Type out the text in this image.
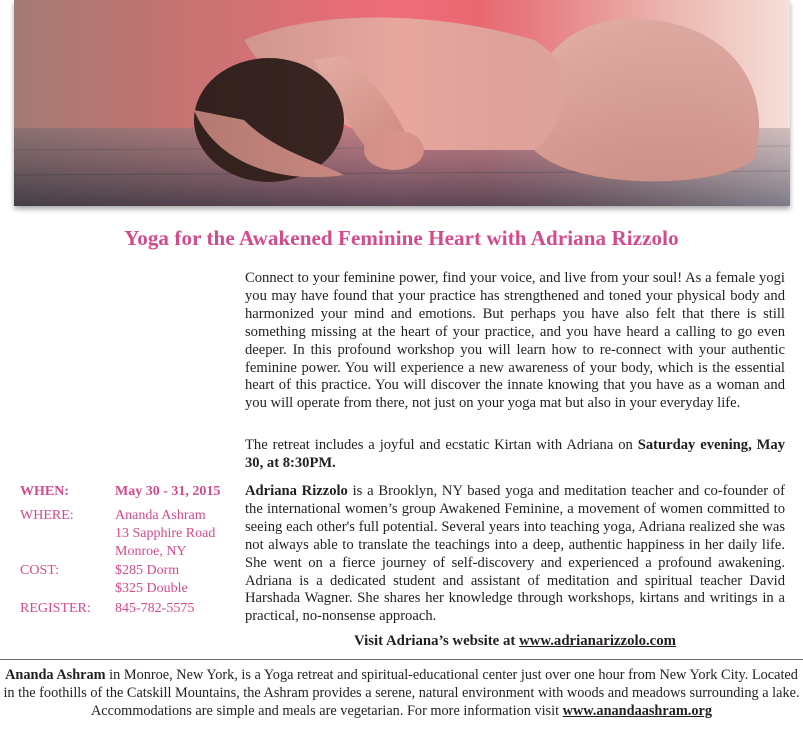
Yoga for the Awakened Feminine Heart with Adriana Rizzolo

Connect to your feminine power, find your voice, and live from your soul! As a female yogi you may have found that your practice has strengthened and toned your physical body and harmonized your mind and emotions. But perhaps you have also felt that there is still something missing at the heart of your practice, and you have heard a calling to go even deeper. In this profound workshop you will learn how to re-connect with your authentic feminine power. You will experience a new awareness of your body, which is the essential heart of this practice. You will discover the innate knowing that you have as a woman and you will operate from there, not just on your yoga mat but also in your everyday life.

The retreat includes a joyful and ecstatic Kirtan with Adriana on Saturday evening, May 30, at 8:30PM.

Adriana Rizzolo is a Brooklyn, NY based yoga and meditation teacher and co-founder of the international women’s group Awakened Feminine, a movement of women committed to seeing each other's full potential. Several years into teaching yoga, Adriana realized she was not always able to translate the teachings into a deep, authentic happiness in her daily life. She went on a fierce journey of self-discovery and experienced a profound awakening. Adriana is a dedicated student and assistant of meditation and spiritual teacher David Harshada Wagner. She shares her knowledge through workshops, kirtans and writings in a practical, no-nonsense approach.

WHEN:	May 30 - 31, 2015
WHERE:	Ananda Ashram
13 Sapphire Road
Monroe, NY
COST:	$285 Dorm
$325 Double
REGISTER: 845-782-5575
Visit Adriana’s website at www.adrianarizzolo.com
Ananda Ashram in Monroe, New York, is a Yoga retreat and spiritual-educational center just over one hour from New York City. Located in the foothills of the Catskill Mountains, the Ashram provides a serene, natural environment with woods and meadows surrounding a lake. Accommodations are simple and meals are vegetarian. For more information visit www.anandaashram.org
